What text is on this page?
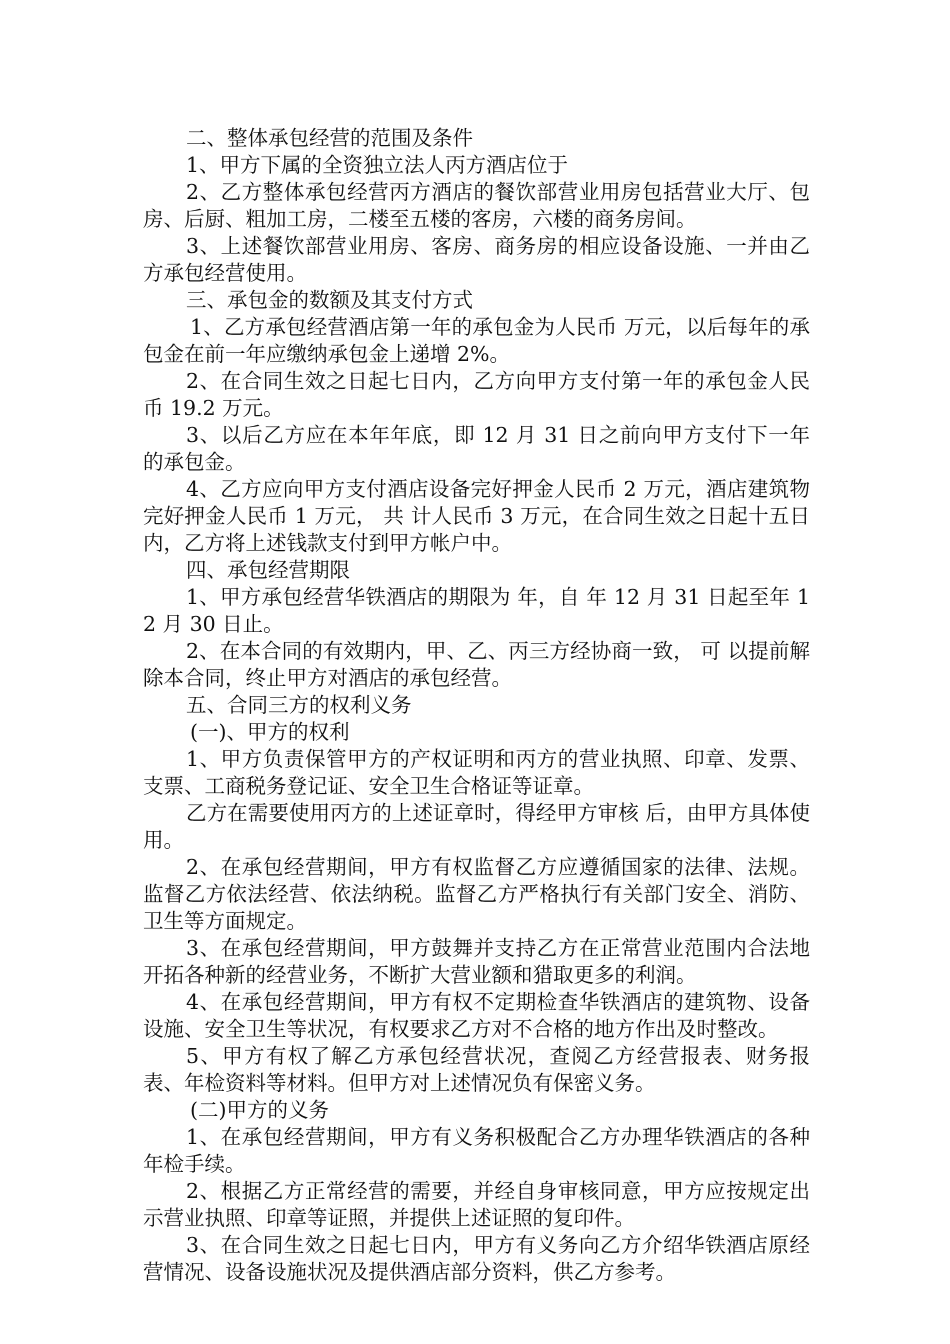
二、整体承包经营的范围及条件

1、甲方下属的全资独立法人丙方酒店位于

2、乙方整体承包经营丙方酒店的餐饮部营业用房包括营业大厅、包房、后厨、粗加工房，二楼至五楼的客房，六楼的商务房间。

3、上述餐饮部营业用房、客房、商务房的相应设备设施、一并由乙方承包经营使用。

三、承包金的数额及其支付方式

1、乙方承包经营酒店第一年的承包金为人民币 万元，以后每年的承包金在前一年应缴纳承包金上递增 2%。

2、在合同生效之日起七日内，乙方向甲方支付第一年的承包金人民币 19.2 万元。

3、以后乙方应在本年年底，即 12 月 31 日之前向甲方支付下一年的承包金。

4、乙方应向甲方支付酒店设备完好押金人民币 2 万元，酒店建筑物完好押金人民币 1 万元， 共 计人民币 3 万元，在合同生效之日起十五日内，乙方将上述钱款支付到甲方帐户中。

四、承包经营期限

1、甲方承包经营华铁酒店的期限为 年，自 年 12 月 31 日起至年 12 月 30 日止。

2、在本合同的有效期内，甲、乙、丙三方经协商一致， 可 以提前解除本合同，终止甲方对酒店的承包经营。

五、合同三方的权利义务

(一)、甲方的权利

1、甲方负责保管甲方的产权证明和丙方的营业执照、印章、发票、支票、工商税务登记证、安全卫生合格证等证章。

乙方在需要使用丙方的上述证章时，得经甲方审核 后，由甲方具体使用。

2、在承包经营期间，甲方有权监督乙方应遵循国家的法律、法规。监督乙方依法经营、依法纳税。监督乙方严格执行有关部门安全、消防、卫生等方面规定。

3、在承包经营期间，甲方鼓舞并支持乙方在正常营业范围内合法地开拓各种新的经营业务，不断扩大营业额和猎取更多的利润。

4、在承包经营期间，甲方有权不定期检查华铁酒店的建筑物、设备设施、安全卫生等状况，有权要求乙方对不合格的地方作出及时整改。

5、甲方有权了解乙方承包经营状况，查阅乙方经营报表、财务报表、年检资料等材料。但甲方对上述情况负有保密义务。

(二)甲方的义务

1、在承包经营期间，甲方有义务积极配合乙方办理华铁酒店的各种年检手续。

2、根据乙方正常经营的需要，并经自身审核同意，甲方应按规定出示营业执照、印章等证照，并提供上述证照的复印件。

3、在合同生效之日起七日内，甲方有义务向乙方介绍华铁酒店原经营情况、设备设施状况及提供酒店部分资料，供乙方参考。
